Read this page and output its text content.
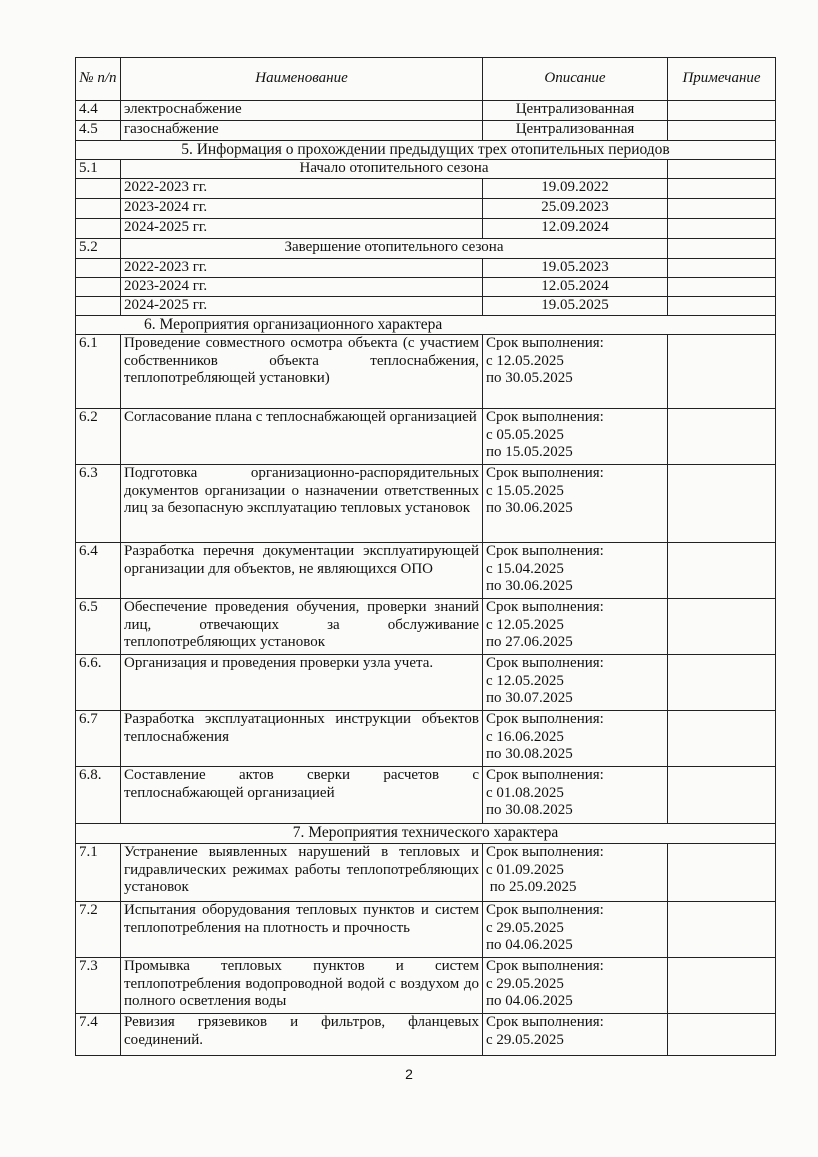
№ п/п	Наименование	Описание	Примечание
4.4	электроснабжение	Централизованная	
4.5	газоснабжение	Централизованная	
5. Информация о прохождении предыдущих трех отопительных периодов			
5.1	Начало отопительного сезона		
	2022-2023 гг.	19.09.2022	
	2023-2024 гг.	25.09.2023	
	2024-2025 гг.	12.09.2024	
5.2	Завершение отопительного сезона		
	2022-2023 гг.	19.05.2023	
	2023-2024 гг.	12.05.2024	
	2024-2025 гг.	19.05.2025	
6. Мероприятия организационного характера			
6.1	Проведение совместного осмотра объекта (с участием собственников объекта теплоснабжения, теплопотребляющей установки)	Срок выполнения:
с 12.05.2025
по 30.05.2025	

6.2	Согласование плана с теплоснабжающей организацией	Срок выполнения:
с 05.05.2025
по 15.05.2025	

6.3	Подготовка организационно-распорядительных документов организации о назначении ответственных лиц за безопасную эксплуатацию тепловых установок	Срок выполнения:
с 15.05.2025
по 30.06.2025	

6.4	Разработка перечня документации эксплуатирующей организации для объектов, не являющихся ОПО	Срок выполнения:
с 15.04.2025
по 30.06.2025	

6.5	Обеспечение проведения обучения, проверки знаний лиц, отвечающих за обслуживание теплопотребляющих установок	Срок выполнения:
с 12.05.2025
по 27.06.2025	

6.6.	Организация и проведения проверки узла учета.	Срок выполнения:
с 12.05.2025
по 30.07.2025	

6.7	Разработка эксплуатационных инструкции объектов теплоснабжения	Срок выполнения:
с 16.06.2025
по 30.08.2025	

6.8.	Составление актов сверки расчетов с теплоснабжающей организацией	Срок выполнения:
с 01.08.2025
по 30.08.2025	

7. Мероприятия технического характера			
7.1	Устранение выявленных нарушений в тепловых и гидравлических режимах работы теплопотребляющих установок	Срок выполнения:
с 01.09.2025
по 25.09.2025	

7.2	Испытания оборудования тепловых пунктов и систем теплопотребления на плотность и прочность	Срок выполнения:
с 29.05.2025
по 04.06.2025	

7.3	Промывка тепловых пунктов и систем теплопотребления водопроводной водой с воздухом до полного осветления воды	Срок выполнения:
с 29.05.2025
по 04.06.2025	

7.4	Ревизия грязевиков и фильтров, фланцевых соединений.	Срок выполнения:
с 29.05.2025	

2
